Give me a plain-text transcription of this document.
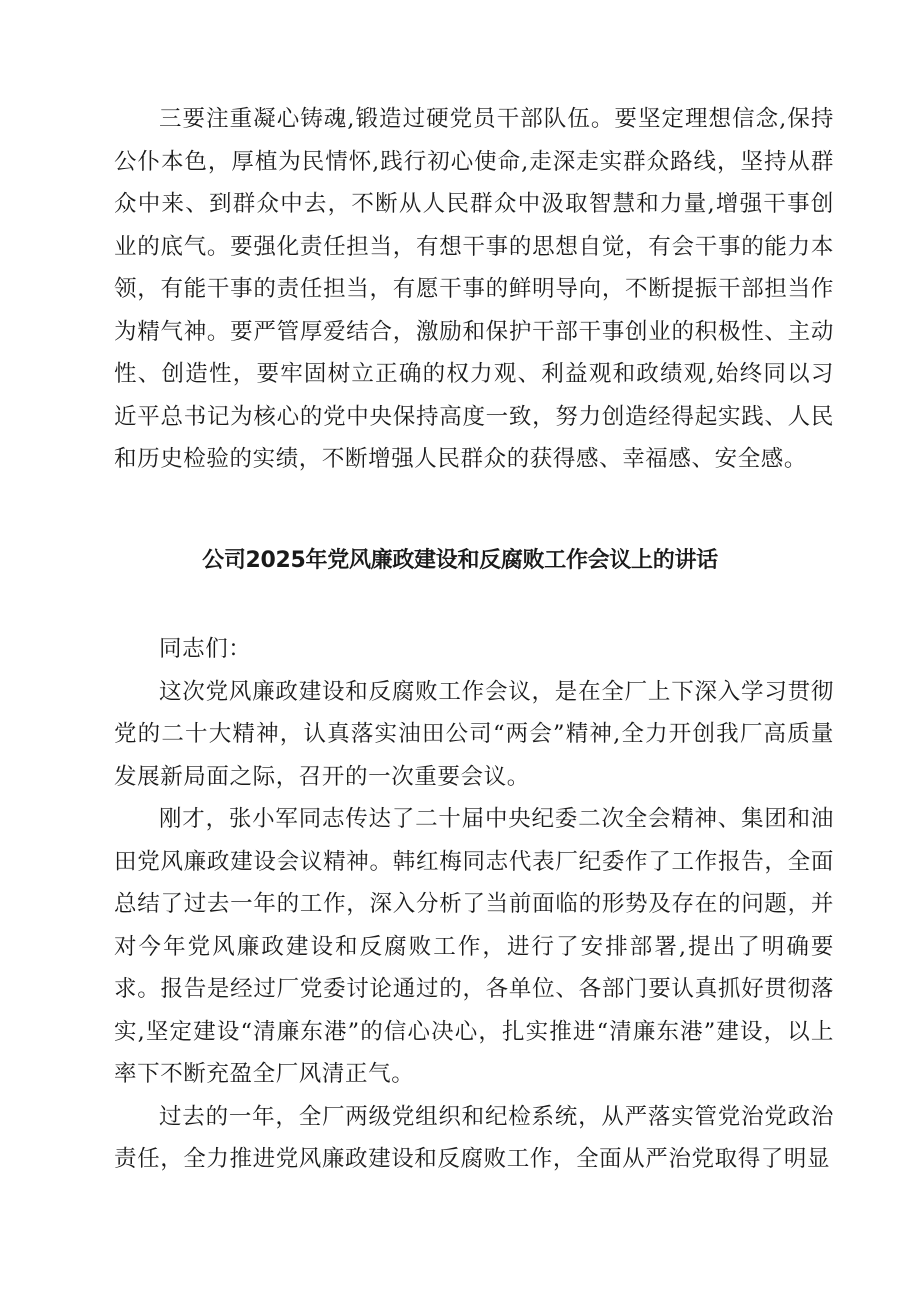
三要注重凝心铸魂,锻造过硬党员干部队伍。要坚定理想信念,保持公仆本色，厚植为民情怀,践行初心使命,走深走实群众路线，坚持从群众中来、到群众中去，不断从人民群众中汲取智慧和力量,增强干事创业的底气。要强化责任担当，有想干事的思想自觉，有会干事的能力本领，有能干事的责任担当，有愿干事的鲜明导向，不断提振干部担当作为精气神。要严管厚爱结合，激励和保护干部干事创业的积极性、主动性、创造性，要牢固树立正确的权力观、利益观和政绩观,始终同以习近平总书记为核心的党中央保持高度一致，努力创造经得起实践、人民和历史检验的实绩，不断增强人民群众的获得感、幸福感、安全感。

公司2025年党风廉政建设和反腐败工作会议上的讲话

同志们：

这次党风廉政建设和反腐败工作会议，是在全厂上下深入学习贯彻党的二十大精神，认真落实油田公司“两会”精神,全力开创我厂高质量发展新局面之际，召开的一次重要会议。

刚才，张小军同志传达了二十届中央纪委二次全会精神、集团和油田党风廉政建设会议精神。韩红梅同志代表厂纪委作了工作报告，全面总结了过去一年的工作，深入分析了当前面临的形势及存在的问题，并对今年党风廉政建设和反腐败工作，进行了安排部署,提出了明确要求。报告是经过厂党委讨论通过的，各单位、各部门要认真抓好贯彻落实,坚定建设“清廉东港”的信心决心，扎实推进“清廉东港”建设，以上率下不断充盈全厂风清正气。

过去的一年，全厂两级党组织和纪检系统，从严落实管党治党政治责任，全力推进党风廉政建设和反腐败工作，全面从严治党取得了明显
